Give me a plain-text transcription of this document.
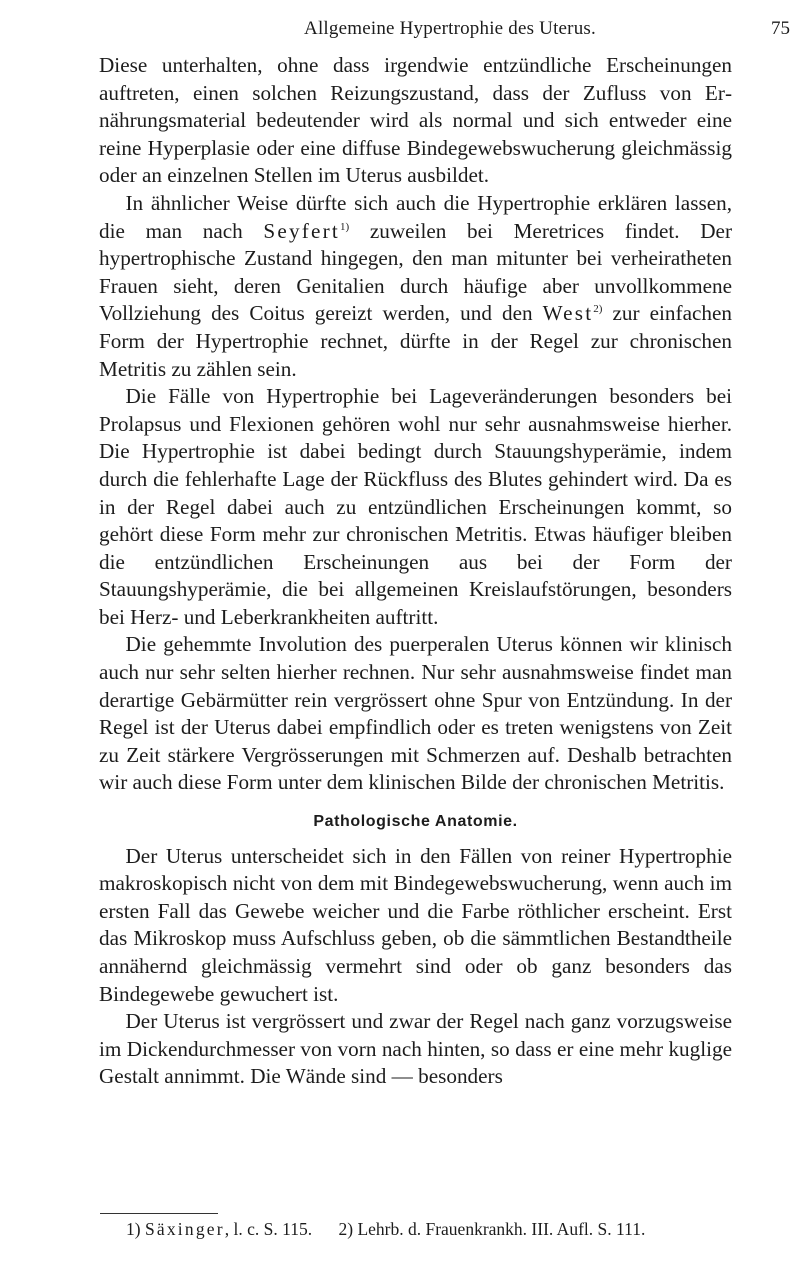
Allgemeine Hypertrophie des Uterus.	75

Diese unterhalten, ohne dass irgendwie entzündliche Erscheinungen auftreten, einen solchen Reizungszustand, dass der Zufluss von Ernährungsmaterial bedeutender wird als normal und sich entweder eine reine Hyperplasie oder eine diffuse Bindegewebswucherung gleichmässig oder an einzelnen Stellen im Uterus ausbildet.

In ähnlicher Weise dürfte sich auch die Hypertrophie erklären lassen, die man nach Seyfert$^{1)}$ zuweilen bei Meretrices findet. Der hypertrophische Zustand hingegen, den man mitunter bei verheiratheten Frauen sieht, deren Genitalien durch häufige aber unvollkommene Vollziehung des Coitus gereizt werden, und den West$^{2)}$ zur einfachen Form der Hypertrophie rechnet, dürfte in der Regel zur chronischen Metritis zu zählen sein.

Die Fälle von Hypertrophie bei Lageveränderungen besonders bei Prolapsus und Flexionen gehören wohl nur sehr ausnahmsweise hierher. Die Hypertrophie ist dabei bedingt durch Stauungshyperämie, indem durch die fehlerhafte Lage der Rückfluss des Blutes gehindert wird. Da es in der Regel dabei auch zu entzündlichen Erscheinungen kommt, so gehört diese Form mehr zur chronischen Metritis. Etwas häufiger bleiben die entzündlichen Erscheinungen aus bei der Form der Stauungshyperämie, die bei allgemeinen Kreislaufstörungen, besonders bei Herz- und Leberkrankheiten auftritt.

Die gehemmte Involution des puerperalen Uterus können wir klinisch auch nur sehr selten hierher rechnen. Nur sehr ausnahmsweise findet man derartige Gebärmütter rein vergrössert ohne Spur von Entzündung. In der Regel ist der Uterus dabei empfindlich oder es treten wenigstens von Zeit zu Zeit stärkere Vergrösserungen mit Schmerzen auf. Deshalb betrachten wir auch diese Form unter dem klinischen Bilde der chronischen Metritis.

Pathologische Anatomie.

Der Uterus unterscheidet sich in den Fällen von reiner Hypertrophie makroskopisch nicht von dem mit Bindegewebswucherung, wenn auch im ersten Fall das Gewebe weicher und die Farbe röthlicher erscheint. Erst das Mikroskop muss Aufschluss geben, ob die sämmtlichen Bestandtheile annähernd gleichmässig vermehrt sind oder ob ganz besonders das Bindegewebe gewuchert ist.

Der Uterus ist vergrössert und zwar der Regel nach ganz vorzugsweise im Dickendurchmesser von vorn nach hinten, so dass er eine mehr kuglige Gestalt annimmt. Die Wände sind — besonders

1) Säxinger, l. c. S. 115. 2) Lehrb. d. Frauenkrankh. III. Aufl. S. 111.
